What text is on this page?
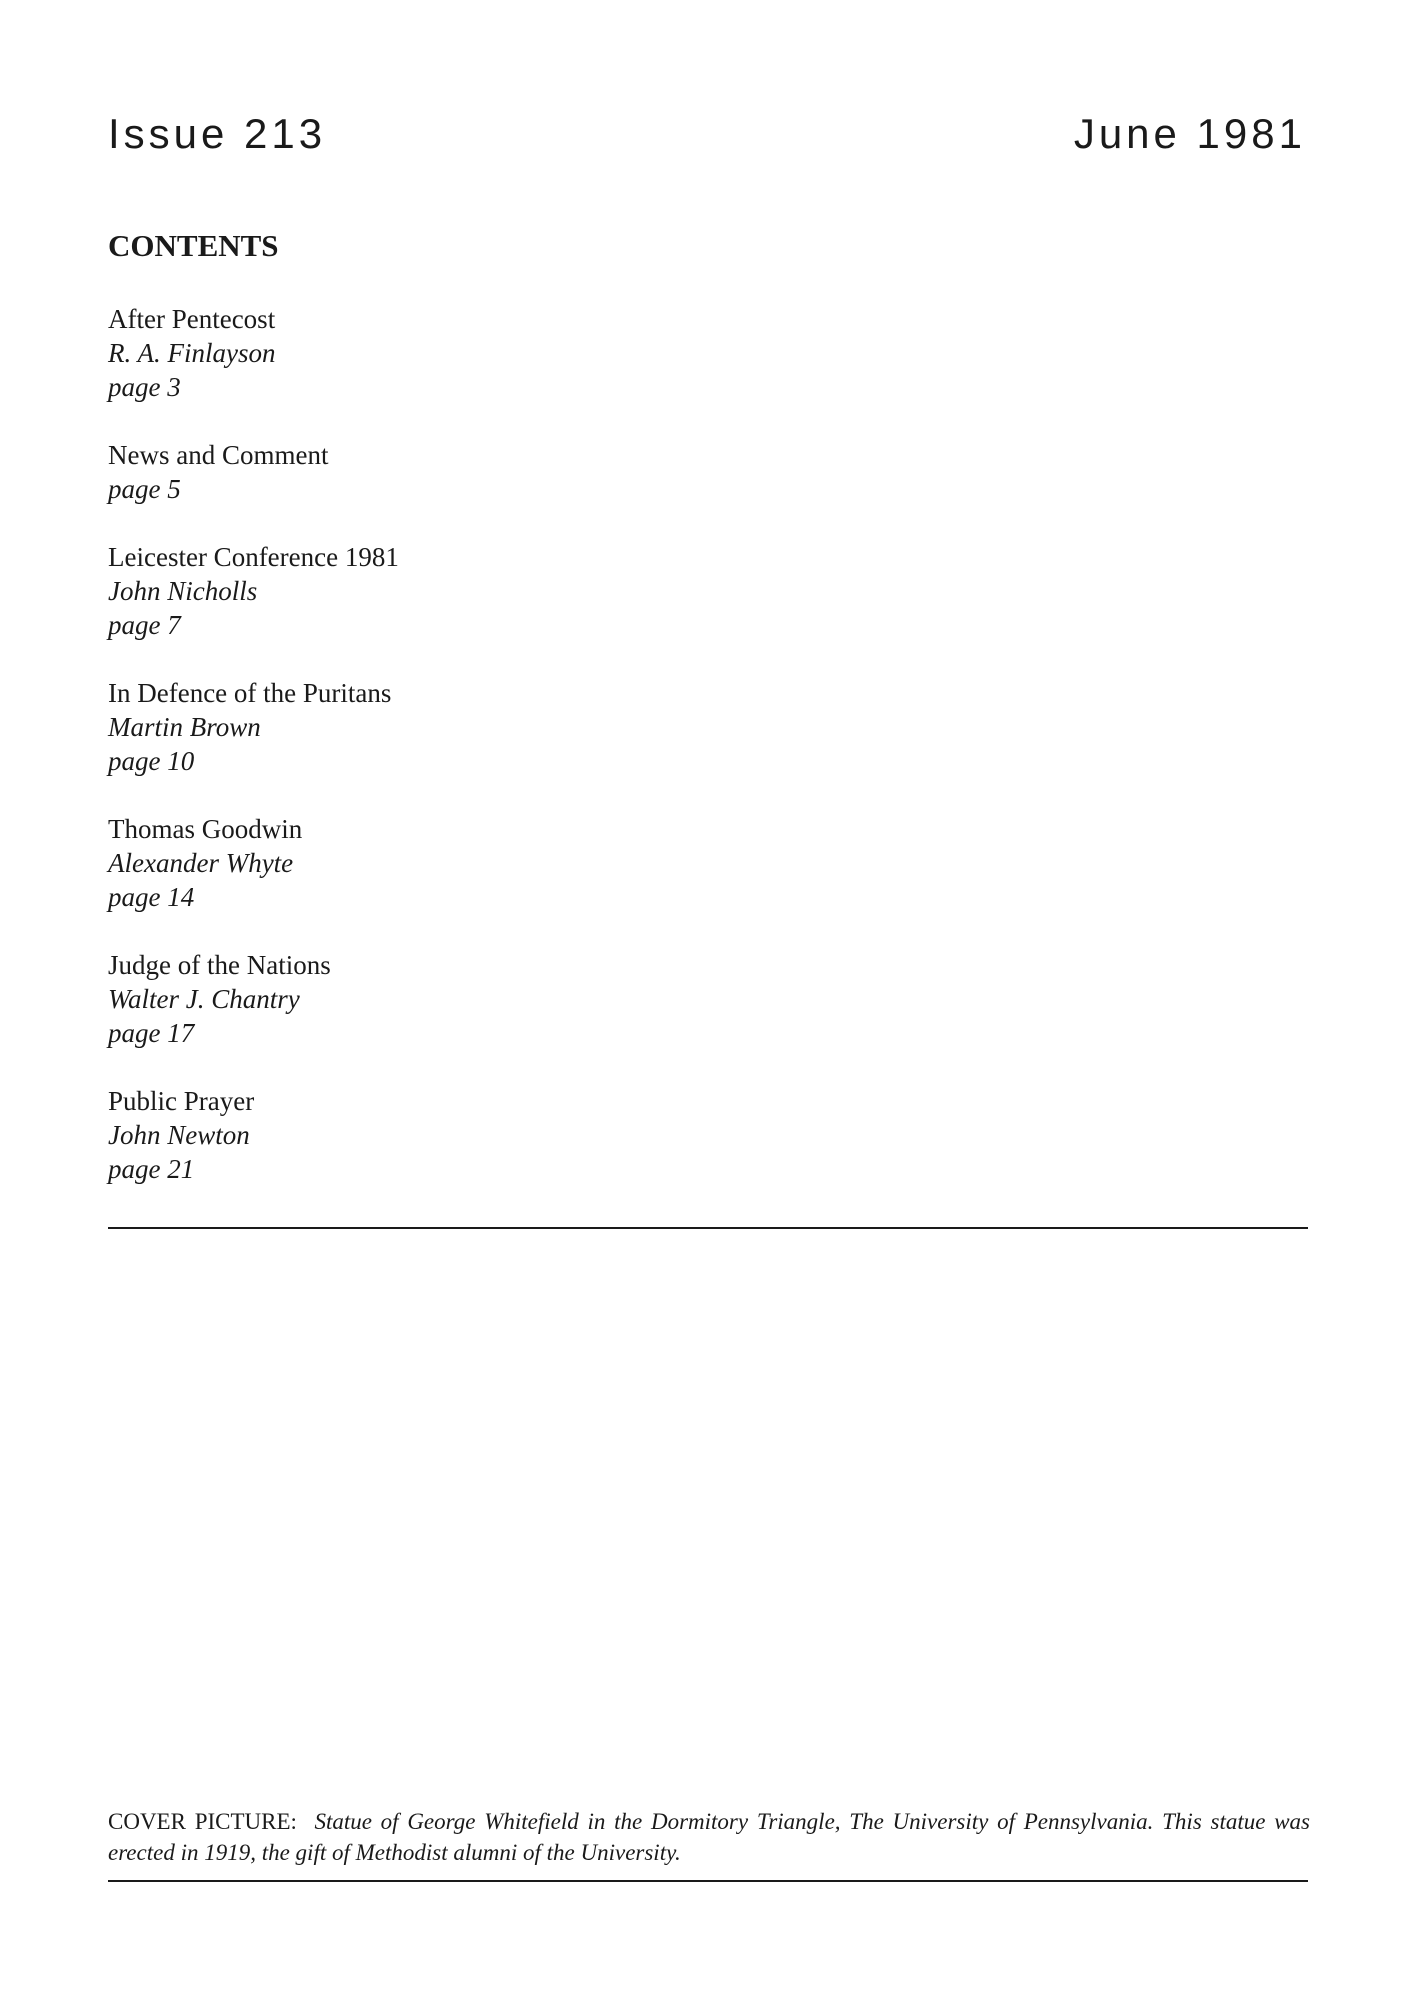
Issue 213	June 1981
CONTENTS
After Pentecost
R. A. Finlayson
page 3
News and Comment
page 5
Leicester Conference 1981
John Nicholls
page 7
In Defence of the Puritans
Martin Brown
page 10
Thomas Goodwin
Alexander Whyte
page 14
Judge of the Nations
Walter J. Chantry
page 17
Public Prayer
John Newton
page 21
COVER PICTURE: Statue of George Whitefield in the Dormitory Triangle, The University of Pennsylvania. This statue was erected in 1919, the gift of Methodist alumni of the University.
